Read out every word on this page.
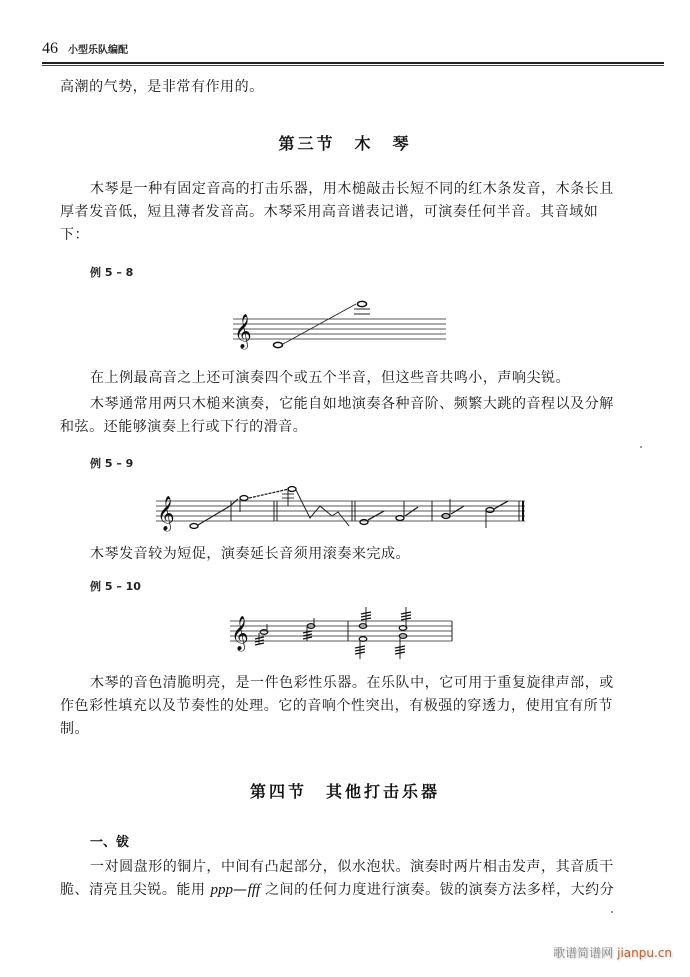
46 小型乐队编配
高潮的气势，是非常有作用的。
第三节　木　琴
木琴是一种有固定音高的打击乐器，用木槌敲击长短不同的红木条发音，木条长且厚者发音低，短且薄者发音高。木琴采用高音谱表记谱，可演奏任何半音。其音域如下：
例 5 – 8
𝄞
在上例最高音之上还可演奏四个或五个半音，但这些音共鸣小，声响尖锐。
木琴通常用两只木槌来演奏，它能自如地演奏各种音阶、频繁大跳的音程以及分解和弦。还能够演奏上行或下行的滑音。
例 5 – 9
𝄞
木琴发音较为短促，演奏延长音须用滚奏来完成。
例 5 – 10
𝄞
木琴的音色清脆明亮，是一件色彩性乐器。在乐队中，它可用于重复旋律声部，或作色彩性填充以及节奏性的处理。它的音响个性突出，有极强的穿透力，使用宜有所节制。
第四节　其他打击乐器
一、钹
一对圆盘形的铜片，中间有凸起部分，似水泡状。演奏时两片相击发声，其音质干脆、清亮且尖锐。能用 ppp—fff 之间的任何力度进行演奏。钹的演奏方法多样，大约分
歌谱简谱网 jianpu.cn
